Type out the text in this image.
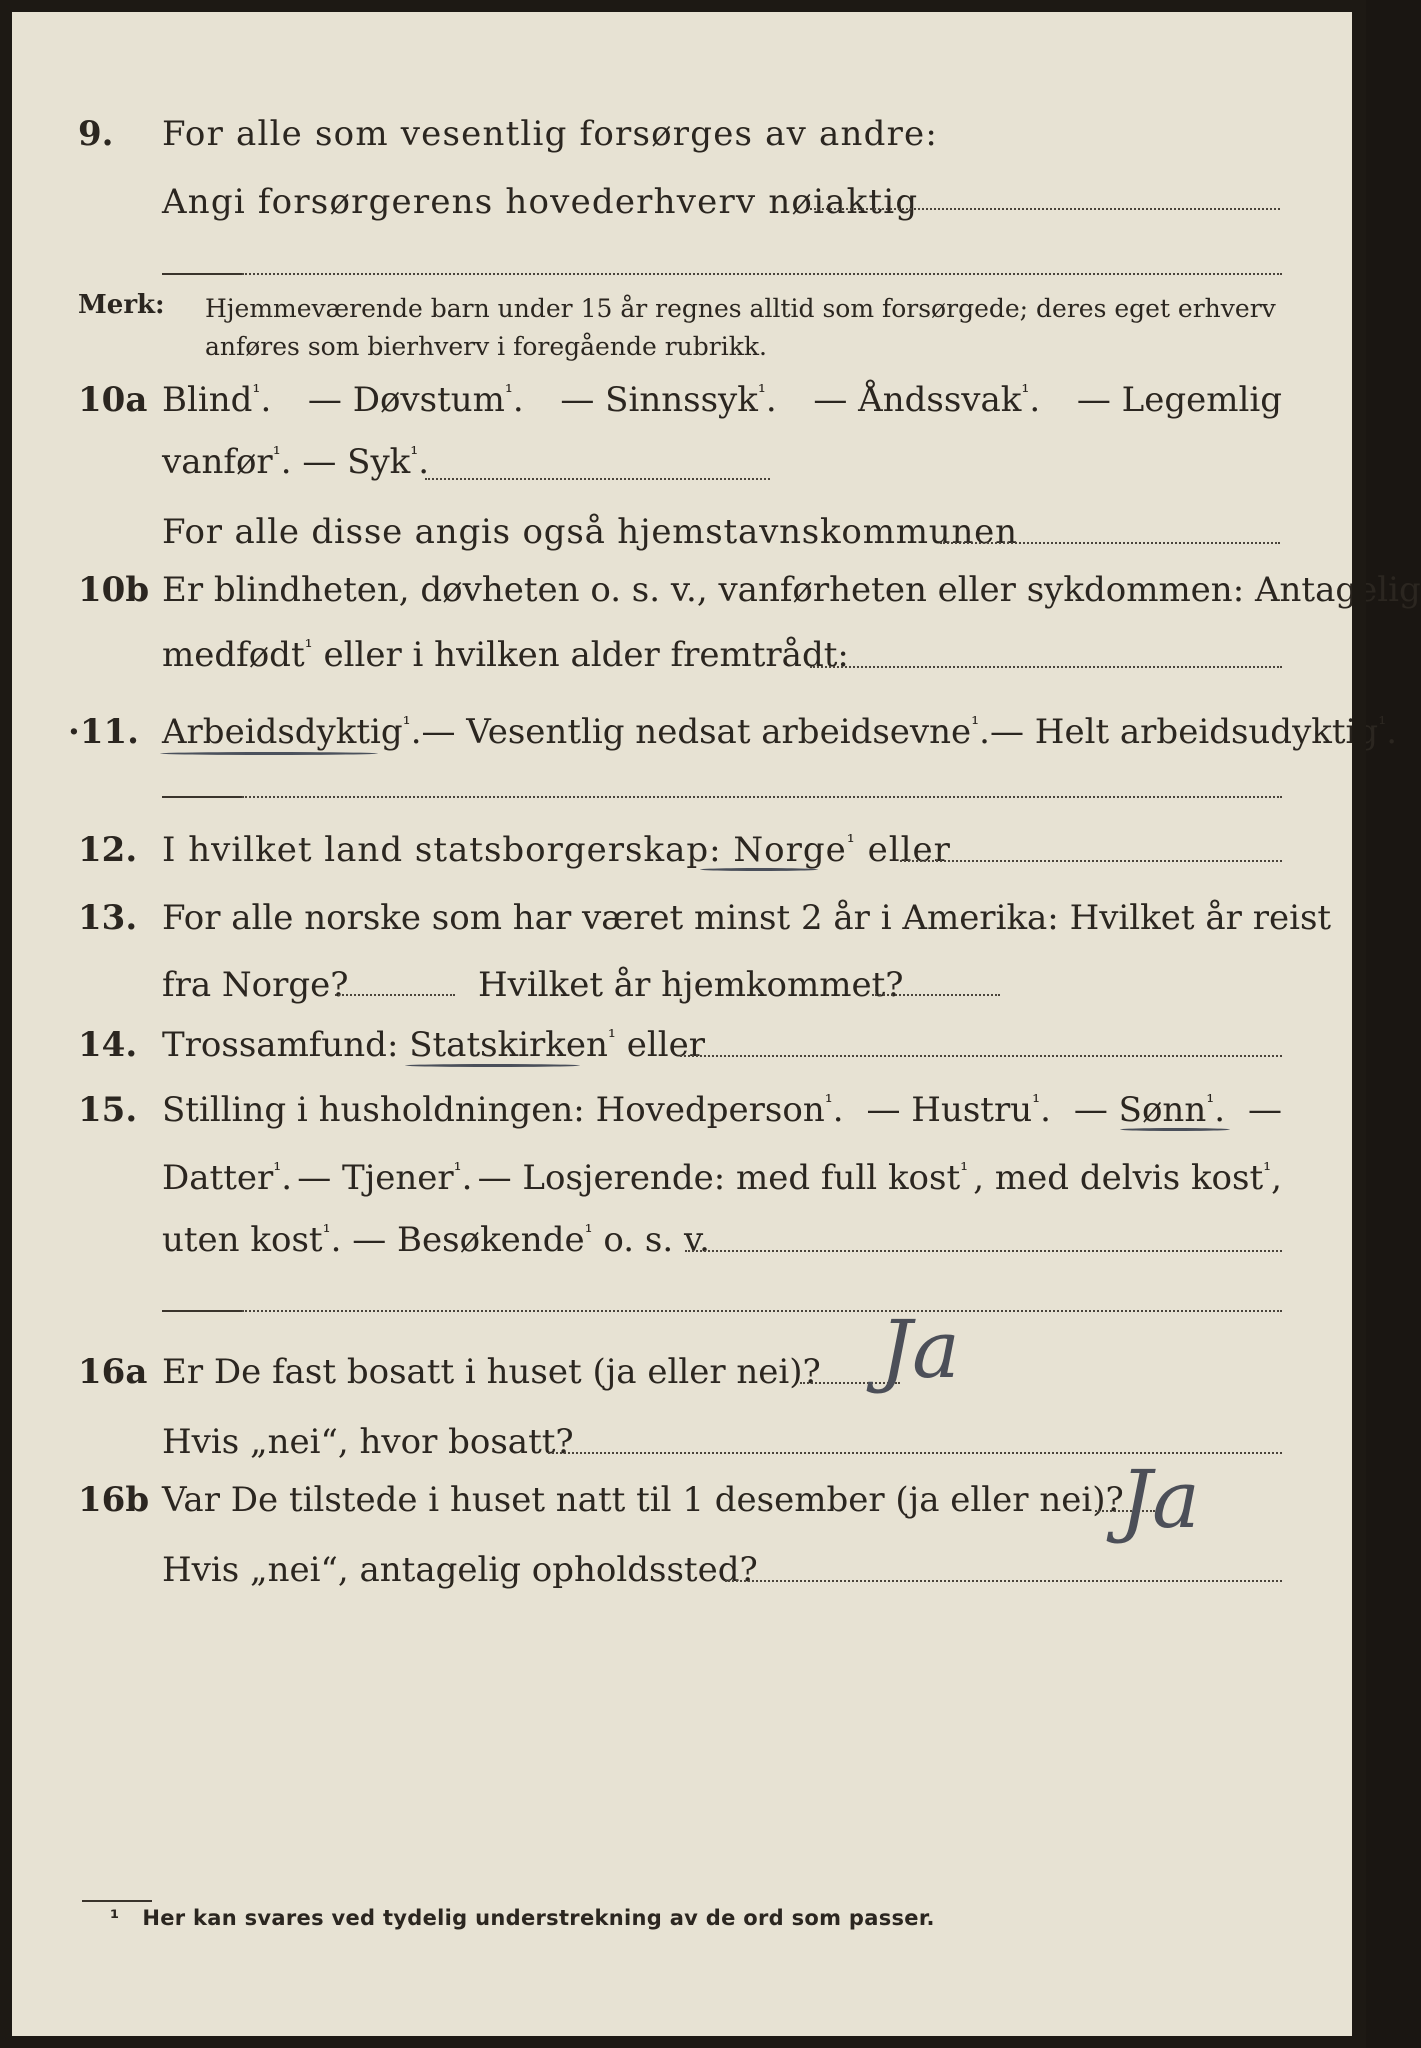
9. For alle som vesentlig forsørges av andre:
Angi forsørgerens hovederhverv nøiaktig
Merk: Hjemmeværende barn under 15 år regnes alltid som forsørgede; deres eget erhverv
anføres som bierhverv i foregående rubrikk.
10a Blind$^{^1}$. — Døvstum$^{^1}$. — Sinnssyk$^{^1}$. — Åndssvak$^{^1}$. — Legemlig
vanfør$^{^1}$. — Syk$^{^1}$.
For alle disse angis også hjemstavnskommunen
10b Er blindheten, døvheten o. s. v., vanførheten eller sykdommen: Antagelig
medfødt$^{^1}$ eller i hvilken alder fremtrådt:
·11. Arbeidsdyktig$^{^1}$. — Vesentlig nedsat arbeidsevne$^{^1}$. — Helt arbeidsudyktig$^{^1}$.
12. I hvilket land statsborgerskap: Norge$^{^1}$ eller
13. For alle norske som har været minst 2 år i Amerika: Hvilket år reist
fra Norge?	Hvilket år hjemkommet?
14. Trossamfund: Statskirken$^{^1}$ eller
15. Stilling i husholdningen: Hovedperson$^{^1}$. — Hustru$^{^1}$. — Sønn$^{^1}$. —
Datter$^{^1}$. — Tjener$^{^1}$. — Losjerende: med full kost$^{^1}$ , med delvis kost$^{^1}$,
uten kost$^{^1}$. — Besøkende$^{^1}$ o. s. v.
16a Er De fast bosatt i huset (ja eller nei)? Ja
Hvis „nei“, hvor bosatt?
16b Var De tilstede i huset natt til 1 desember (ja eller nei)?
Ja
Hvis „nei“, antagelig opholdssted?
¹ Her kan svares ved tydelig understrekning av de ord som passer.
